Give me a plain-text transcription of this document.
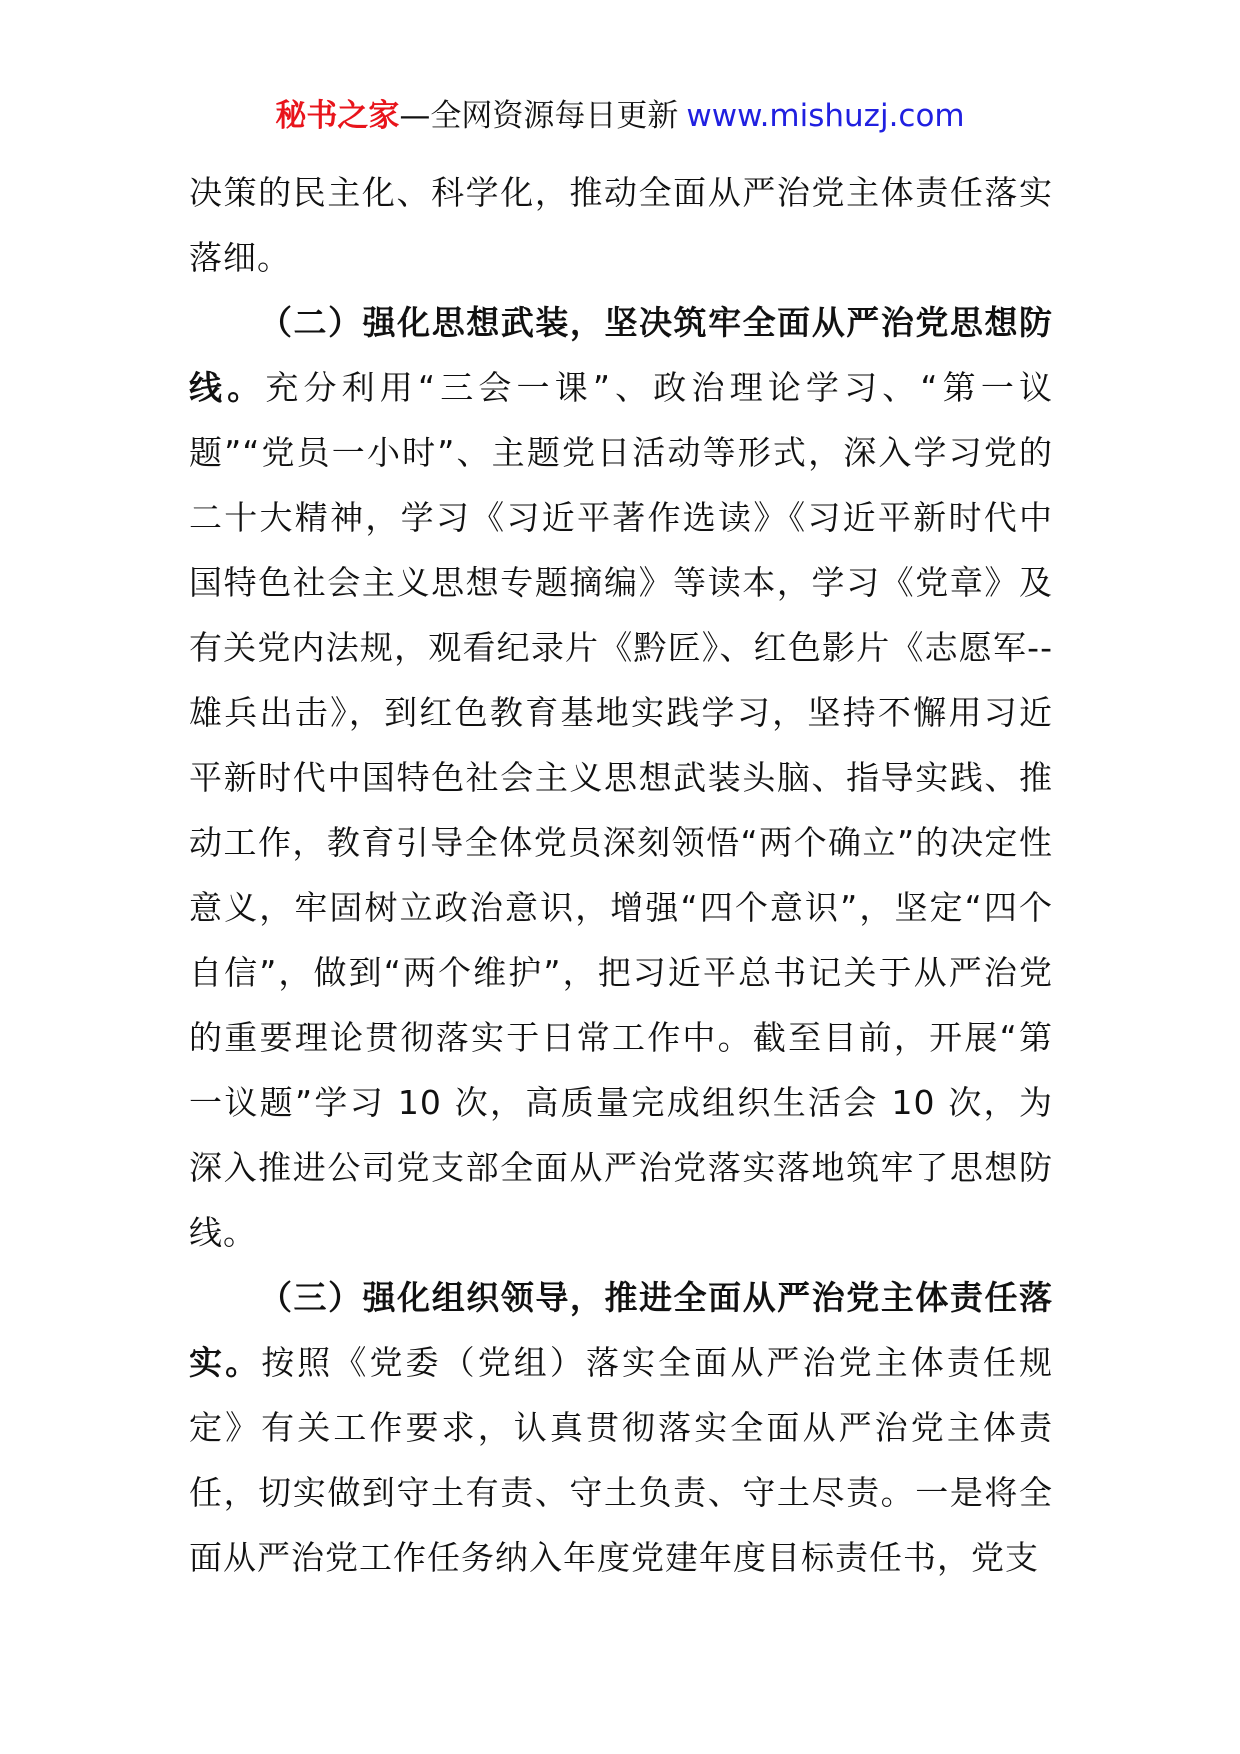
秘书之家—全网资源每日更新 www.mishuzj.com

决策的民主化、科学化，推动全面从严治党主体责任落实落细。

（二）强化思想武装，坚决筑牢全面从严治党思想防线。充分利用“三会一课”、政治理论学习、“第一议题”“党员一小时”、主题党日活动等形式，深入学习党的二十大精神，学习《习近平著作选读》《习近平新时代中国特色社会主义思想专题摘编》等读本，学习《党章》及有关党内法规，观看纪录片《黔匠》、红色影片《志愿军--雄兵出击》，到红色教育基地实践学习，坚持不懈用习近平新时代中国特色社会主义思想武装头脑、指导实践、推动工作，教育引导全体党员深刻领悟“两个确立”的决定性意义，牢固树立政治意识，增强“四个意识”，坚定“四个自信”，做到“两个维护”，把习近平总书记关于从严治党的重要理论贯彻落实于日常工作中。截至目前，开展“第一议题”学习 10 次，高质量完成组织生活会 10 次，为深入推进公司党支部全面从严治党落实落地筑牢了思想防线。

（三）强化组织领导，推进全面从严治党主体责任落实。按照《党委（党组）落实全面从严治党主体责任规定》有关工作要求，认真贯彻落实全面从严治党主体责任，切实做到守土有责、守土负责、守土尽责。一是将全面从严治党工作任务纳入年度党建年度目标责任书，党支
